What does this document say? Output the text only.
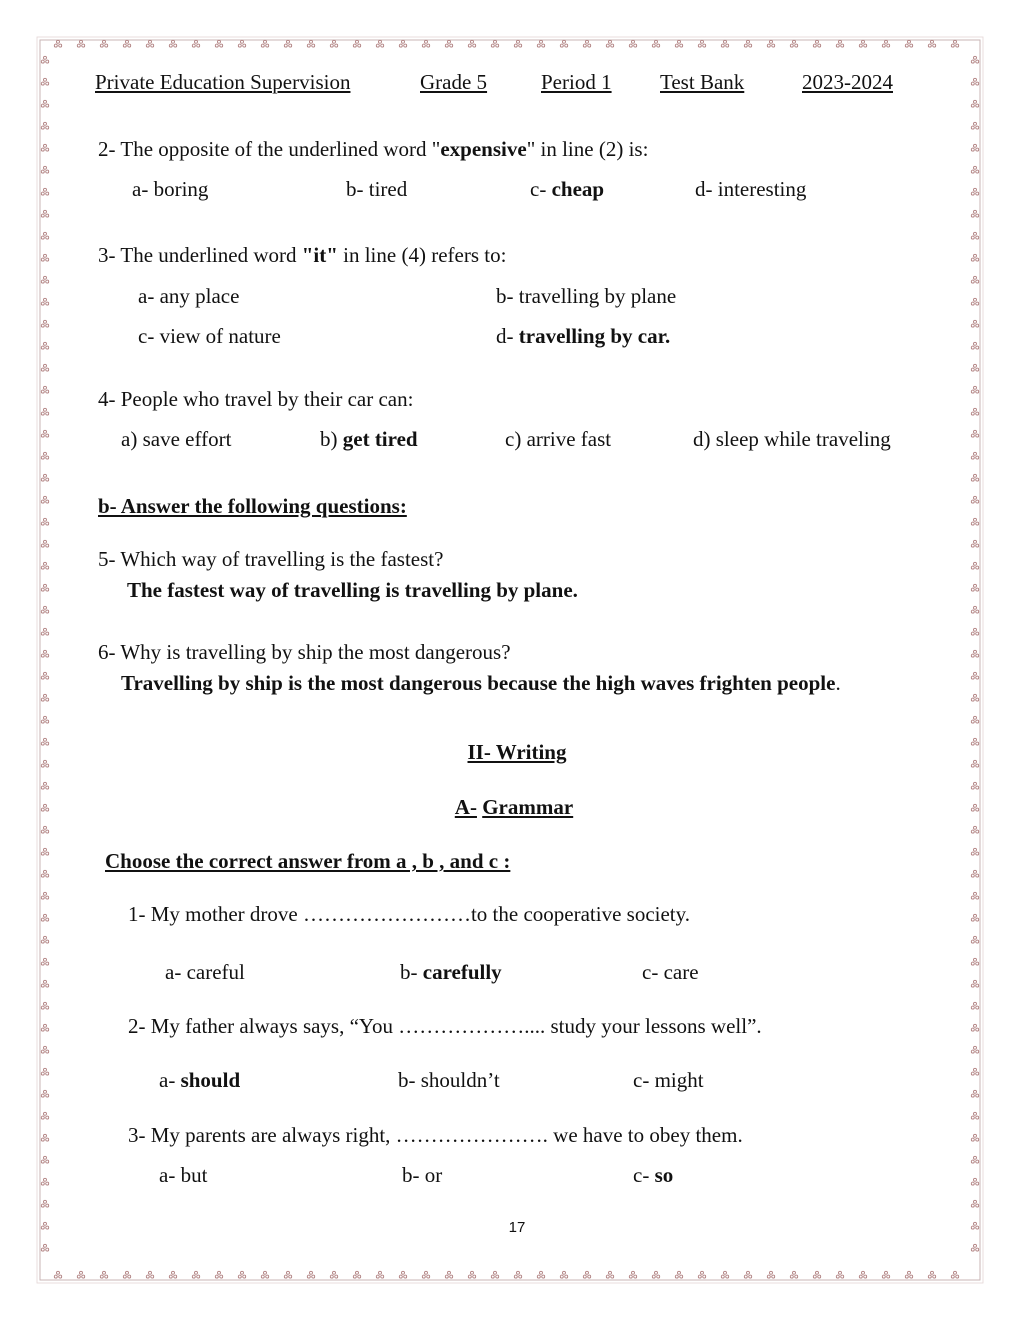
Private Education Supervision	Grade 5	Period 1 Test Bank	2023-2024
2- The opposite of the underlined word "expensive" in line (2) is:
a- boring	b- tired	c- cheap	d- interesting
3- The underlined word "it" in line (4) refers to:
a- any place	b- travelling by plane
c- view of nature	d- travelling by car.
4- People who travel by their car can:
a) save effort	b) get tired	c) arrive fast	d) sleep while traveling
b- Answer the following questions:
5- Which way of travelling is the fastest?
The fastest way of travelling is travelling by plane.
6- Why is travelling by ship the most dangerous?
Travelling by ship is the most dangerous because the high waves frighten people.
II- Writing
A- Grammar
Choose the correct answer from a , b , and c :
1- My mother drove ……………………to the cooperative society.
a- careful	b- carefully	c- care
2- My father always says, “You ……………….... study your lessons well”.
a- should	b- shouldn’t	c- might
3- My parents are always right, …………………. we have to obey them.
a- but	b- or	c- so
17
